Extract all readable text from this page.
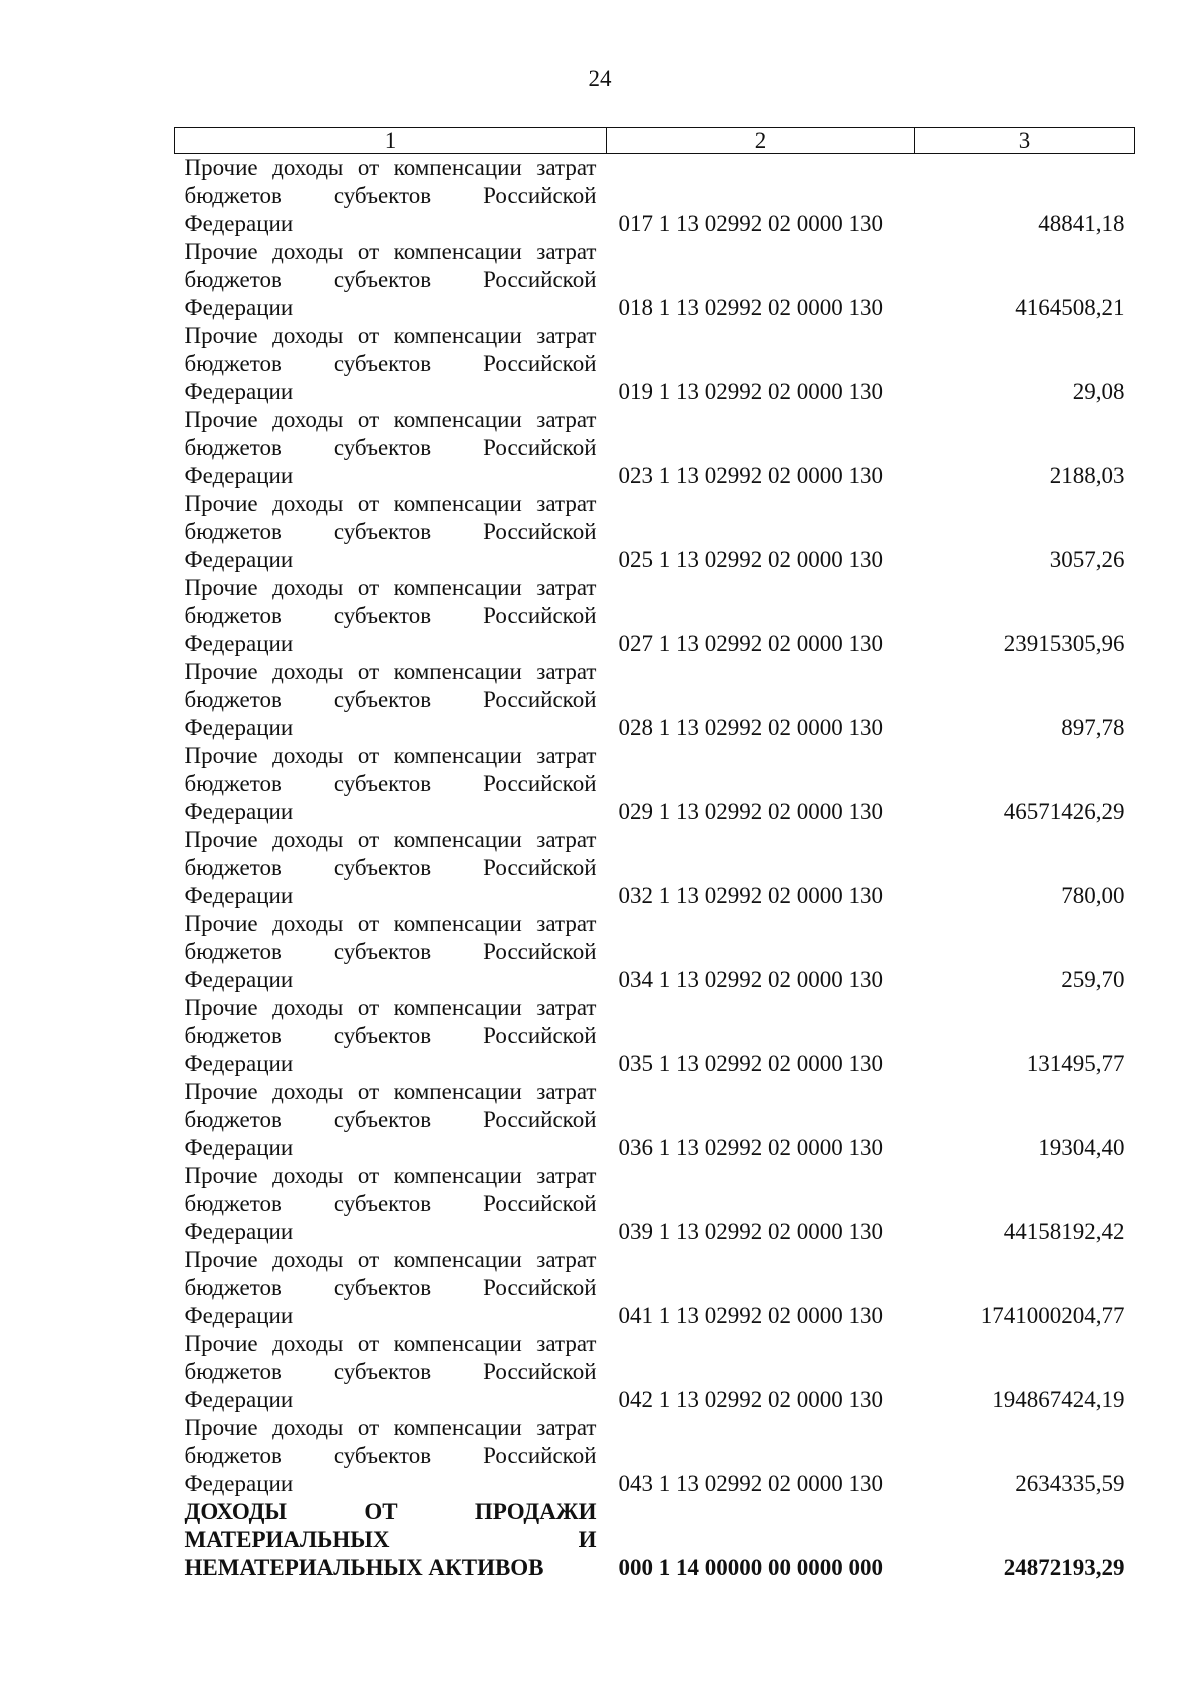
24
1	2	3

Прочие доходы от компенсации затрат
бюджетов субъектов Российской
Федерации	017 1 13 02992 02 0000 130	48841,18

Прочие доходы от компенсации затрат
бюджетов субъектов Российской
Федерации	018 1 13 02992 02 0000 130	4164508,21

Прочие доходы от компенсации затрат
бюджетов субъектов Российской
Федерации	019 1 13 02992 02 0000 130	29,08

Прочие доходы от компенсации затрат
бюджетов субъектов Российской
Федерации	023 1 13 02992 02 0000 130	2188,03

Прочие доходы от компенсации затрат
бюджетов субъектов Российской
Федерации	025 1 13 02992 02 0000 130	3057,26

Прочие доходы от компенсации затрат
бюджетов субъектов Российской
Федерации	027 1 13 02992 02 0000 130	23915305,96

Прочие доходы от компенсации затрат
бюджетов субъектов Российской
Федерации	028 1 13 02992 02 0000 130	897,78

Прочие доходы от компенсации затрат
бюджетов субъектов Российской
Федерации	029 1 13 02992 02 0000 130	46571426,29

Прочие доходы от компенсации затрат
бюджетов субъектов Российской
Федерации	032 1 13 02992 02 0000 130	780,00

Прочие доходы от компенсации затрат
бюджетов субъектов Российской
Федерации	034 1 13 02992 02 0000 130	259,70

Прочие доходы от компенсации затрат
бюджетов субъектов Российской
Федерации	035 1 13 02992 02 0000 130	131495,77

Прочие доходы от компенсации затрат
бюджетов субъектов Российской
Федерации	036 1 13 02992 02 0000 130	19304,40

Прочие доходы от компенсации затрат
бюджетов субъектов Российской
Федерации	039 1 13 02992 02 0000 130	44158192,42

Прочие доходы от компенсации затрат
бюджетов субъектов Российской
Федерации	041 1 13 02992 02 0000 130	1741000204,77

Прочие доходы от компенсации затрат
бюджетов субъектов Российской
Федерации	042 1 13 02992 02 0000 130	194867424,19

Прочие доходы от компенсации затрат
бюджетов субъектов Российской
Федерации	043 1 13 02992 02 0000 130	2634335,59

ДОХОДЫ ОТ ПРОДАЖИ
МАТЕРИАЛЬНЫХ И
НЕМАТЕРИАЛЬНЫХ АКТИВОВ	000 1 14 00000 00 0000 000	24872193,29
